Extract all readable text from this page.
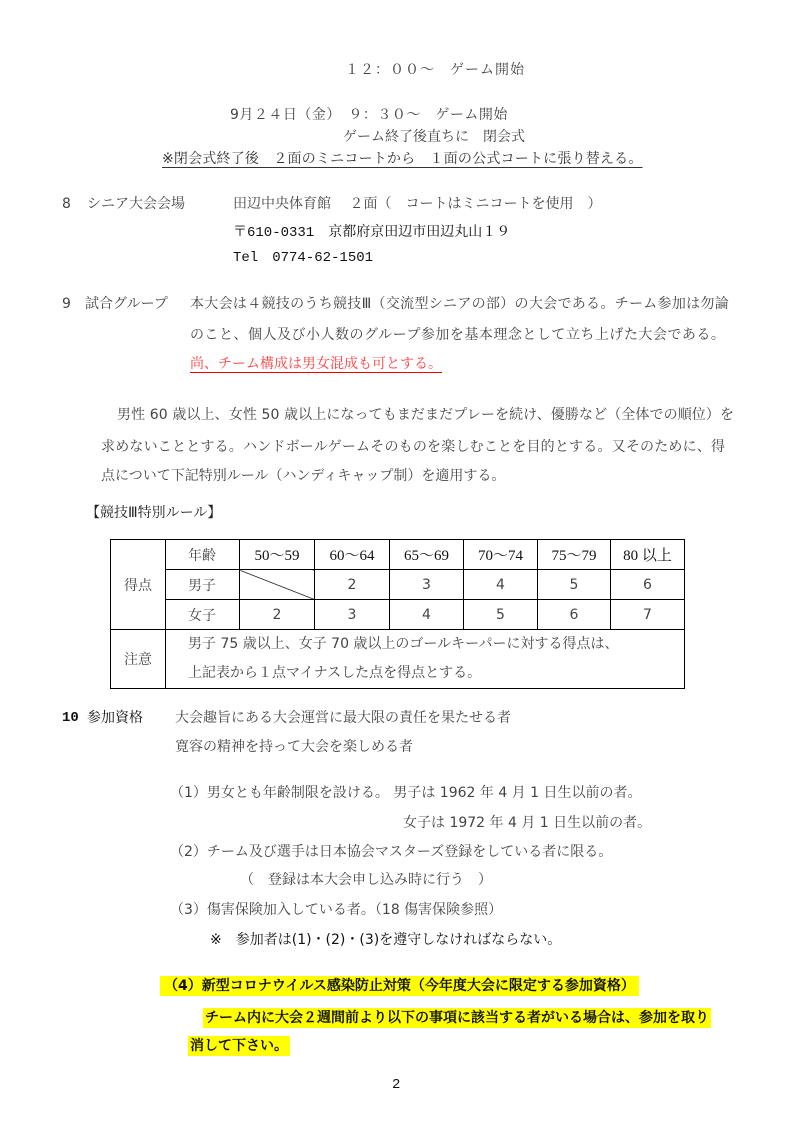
１２：００～　ゲーム開始
9月２４日（金）　９：３０～　ゲーム開始
ゲーム終了後直ちに　閉会式
※閉会式終了後　２面のミニコートから　１面の公式コートに張り替える。
8 シニア大会会場	田辺中央体育館　 ２面（　コートはミニコートを使用　）
〒610-0331　京都府京田辺市田辺丸山１９
Tel　0774-62-1501
9 試合グループ 本大会は４競技のうち競技Ⅲ（交流型シニアの部）の大会である。チーム参加は勿論
のこと、個人及び小人数のグループ参加を基本理念として立ち上げた大会である。
尚、チーム構成は男女混成も可とする。
男性 60 歳以上、女性 50 歳以上になってもまだまだプレーを続け、優勝など（全体での順位）を
求めないこととする。ハンドボールゲームそのものを楽しむことを目的とする。又そのために、得
点について下記特別ルール（ハンディキャップ制）を適用する。
【競技Ⅲ特別ルール】
得点	年齢	50～59	60～64	65～69	70～74	75～79	80 以上
	男子		2	3	4	5	6
	女子	2	3	4	5	6	7
注意	男子 75 歳以上、女子 70 歳以上のゴールキーパーに対する得点は、
上記表から１点マイナスした点を得点とする。						
10 参加資格 大会趣旨にある大会運営に最大限の責任を果たせる者
寛容の精神を持って大会を楽しめる者
（1）男女とも年齢制限を設ける。 男子は 1962 年 4 月 1 日生以前の者。
女子は 1972 年 4 月 1 日生以前の者。
（2）チーム及び選手は日本協会マスターズ登録をしている者に限る。
（　登録は本大会申し込み時に行う　）
（3）傷害保険加入している者。（18 傷害保険参照）
※　参加者は(1)・(2)・(3)を遵守しなければならない。
（4）新型コロナウイルス感染防止対策（今年度大会に限定する参加資格）
チーム内に大会２週間前より以下の事項に該当する者がいる場合は、参加を取り
消して下さい。
2
